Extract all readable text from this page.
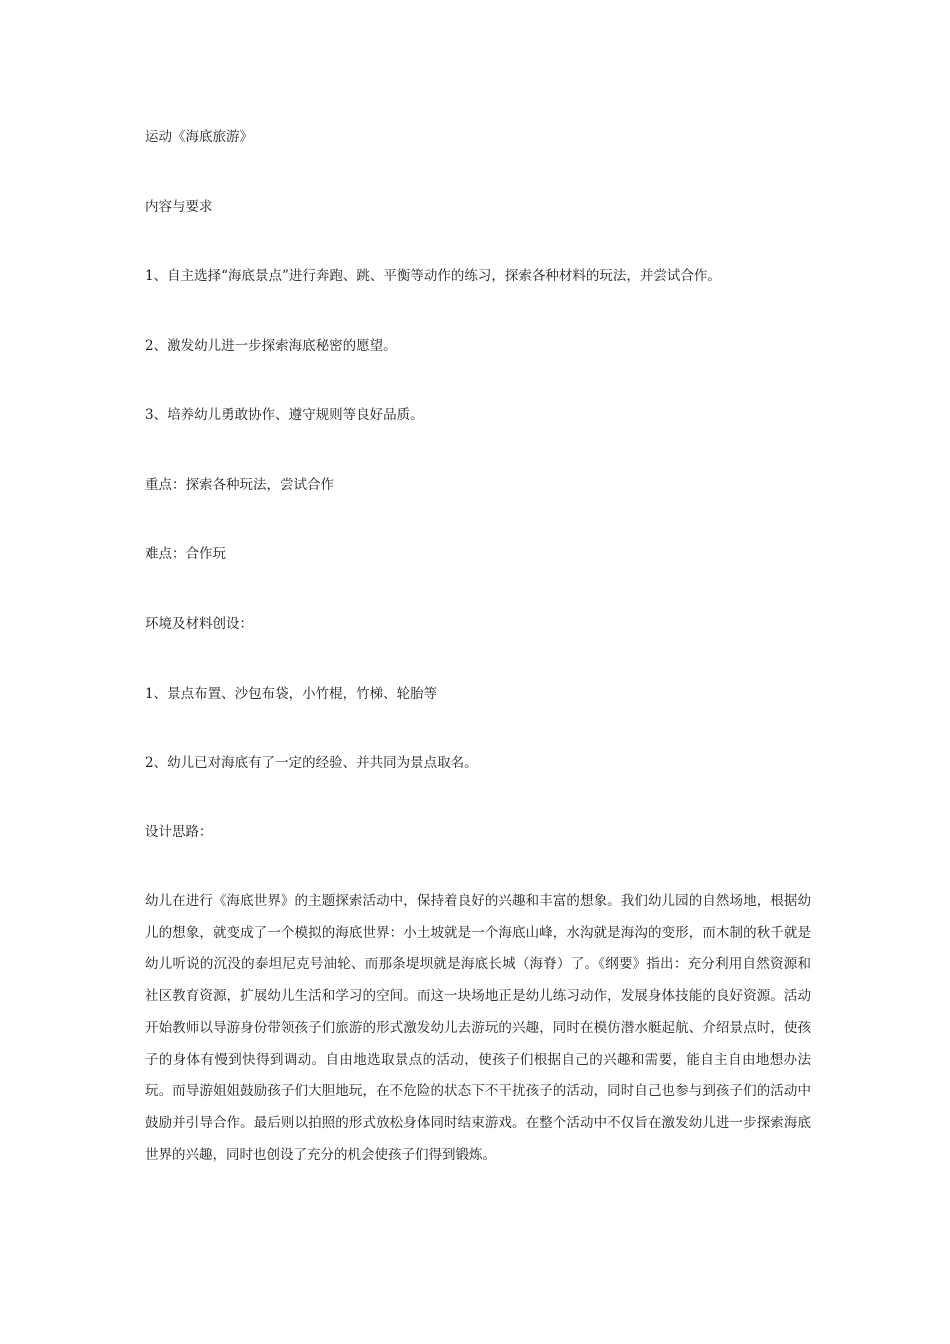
运动《海底旅游》

内容与要求

1、自主选择“海底景点”进行奔跑、跳、平衡等动作的练习，探索各种材料的玩法，并尝试合作。

2、激发幼儿进一步探索海底秘密的愿望。

3、培养幼儿勇敢协作、遵守规则等良好品质。

重点：探索各种玩法，尝试合作

难点：合作玩

环境及材料创设：

1、景点布置、沙包布袋，小竹棍，竹梯、轮胎等

2、幼儿已对海底有了一定的经验、并共同为景点取名。

设计思路：

幼儿在进行《海底世界》的主题探索活动中，保持着良好的兴趣和丰富的想象。我们幼儿园的自然场地，根据幼儿的想象，就变成了一个模拟的海底世界：小土坡就是一个海底山峰，水沟就是海沟的变形，而木制的秋千就是幼儿听说的沉没的泰坦尼克号油轮、而那条堤坝就是海底长城（海脊）了。《纲要》指出：充分利用自然资源和社区教育资源，扩展幼儿生活和学习的空间。而这一块场地正是幼儿练习动作，发展身体技能的良好资源。活动开始教师以导游身份带领孩子们旅游的形式激发幼儿去游玩的兴趣，同时在模仿潜水艇起航、介绍景点时，使孩子的身体有慢到快得到调动。自由地选取景点的活动，使孩子们根据自己的兴趣和需要，能自主自由地想办法玩。而导游姐姐鼓励孩子们大胆地玩，在不危险的状态下不干扰孩子的活动，同时自己也参与到孩子们的活动中鼓励并引导合作。最后则以拍照的形式放松身体同时结束游戏。在整个活动中不仅旨在激发幼儿进一步探索海底世界的兴趣，同时也创设了充分的机会使孩子们得到锻炼。
